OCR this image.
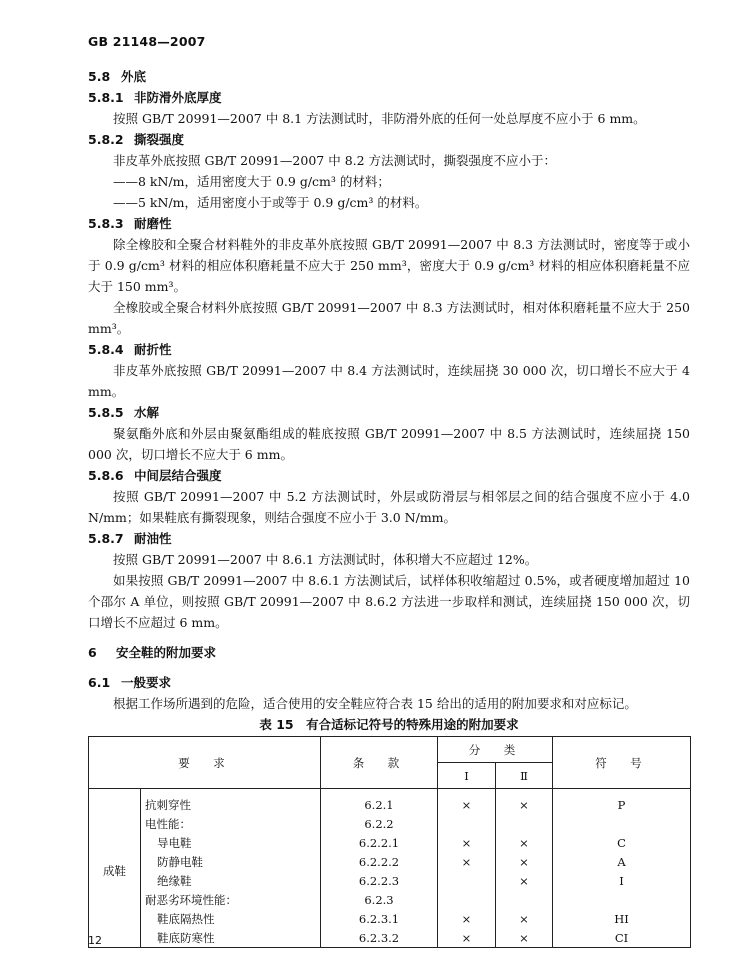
GB 21148—2007
5.8 外底
5.8.1 非防滑外底厚度
按照 GB/T 20991—2007 中 8.1 方法测试时，非防滑外底的任何一处总厚度不应小于 6 mm。
5.8.2 撕裂强度
非皮革外底按照 GB/T 20991—2007 中 8.2 方法测试时，撕裂强度不应小于：
——8 kN/m，适用密度大于 0.9 g/cm³ 的材料；
——5 kN/m，适用密度小于或等于 0.9 g/cm³ 的材料。
5.8.3 耐磨性
除全橡胶和全聚合材料鞋外的非皮革外底按照 GB/T 20991—2007 中 8.3 方法测试时，密度等于或小于 0.9 g/cm³ 材料的相应体积磨耗量不应大于 250 mm³，密度大于 0.9 g/cm³ 材料的相应体积磨耗量不应大于 150 mm³。
全橡胶或全聚合材料外底按照 GB/T 20991—2007 中 8.3 方法测试时，相对体积磨耗量不应大于 250 mm³。
5.8.4 耐折性
非皮革外底按照 GB/T 20991—2007 中 8.4 方法测试时，连续屈挠 30 000 次，切口增长不应大于 4 mm。
5.8.5 水解
聚氨酯外底和外层由聚氨酯组成的鞋底按照 GB/T 20991—2007 中 8.5 方法测试时，连续屈挠 150 000 次，切口增长不应大于 6 mm。
5.8.6 中间层结合强度
按照 GB/T 20991—2007 中 5.2 方法测试时，外层或防滑层与相邻层之间的结合强度不应小于 4.0 N/mm；如果鞋底有撕裂现象，则结合强度不应小于 3.0 N/mm。
5.8.7 耐油性
按照 GB/T 20991—2007 中 8.6.1 方法测试时，体积增大不应超过 12%。
如果按照 GB/T 20991—2007 中 8.6.1 方法测试后，试样体积收缩超过 0.5%，或者硬度增加超过 10 个邵尔 A 单位，则按照 GB/T 20991—2007 中 8.6.2 方法进一步取样和测试，连续屈挠 150 000 次，切口增长不应超过 6 mm。
6 安全鞋的附加要求
6.1 一般要求
根据工作场所遇到的危险，适合使用的安全鞋应符合表 15 给出的适用的附加要求和对应标记。
表 15　有合适标记符号的特殊用途的附加要求
要　求		条　款	分　类		符　号
			Ⅰ	Ⅱ	
成鞋	抗刺穿性	6.2.1	×	×	P
	电性能：	6.2.2			
	导电鞋	6.2.2.1	×	×	C
	防静电鞋	6.2.2.2	×	×	A
	绝缘鞋	6.2.2.3		×	I
	耐恶劣环境性能：	6.2.3			
	鞋底隔热性	6.2.3.1	×	×	HI
	鞋底防寒性	6.2.3.2	×	×	CI
12
